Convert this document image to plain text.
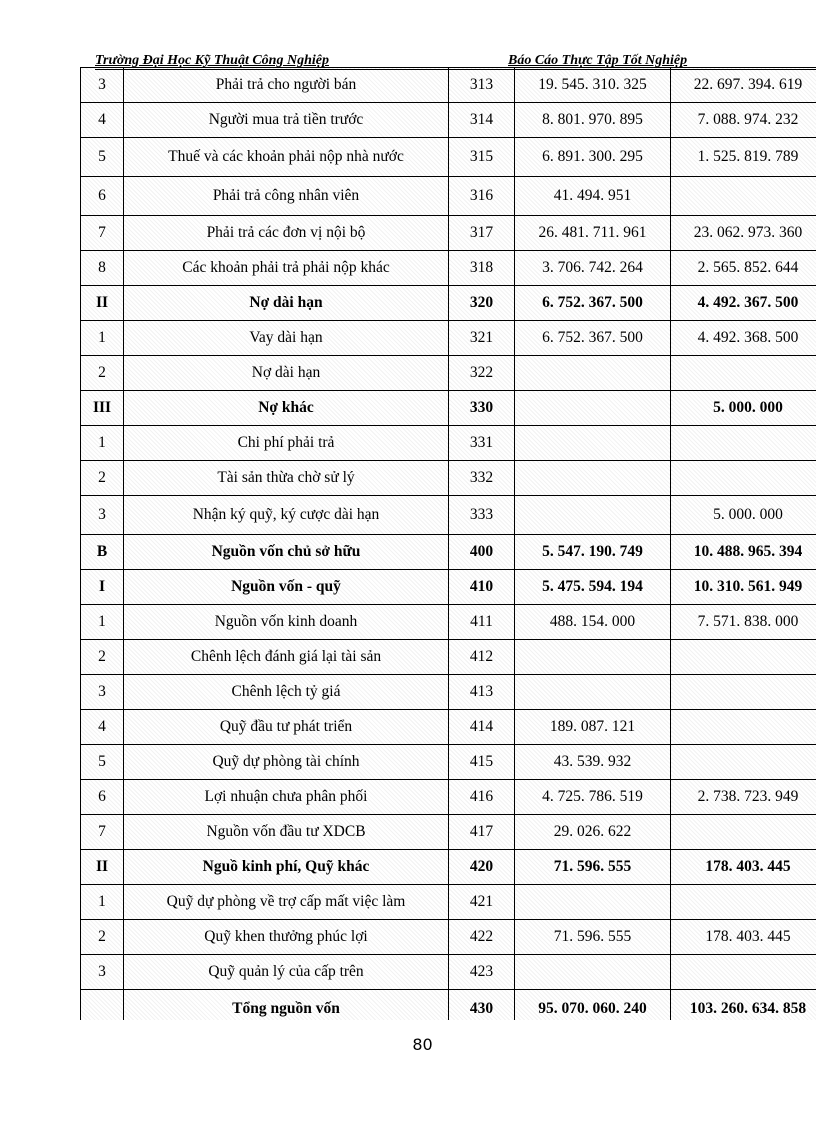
Trường Đại Học Kỹ Thuật Công Nghiệp	Báo Cáo Thực Tập Tốt Nghiệp
3	Phải trả cho người bán	313	19. 545. 310. 325	22. 697. 394. 619
4	Người mua trả tiền trước	314	8. 801. 970. 895	7. 088. 974. 232
5	Thuế và các khoản phải nộp nhà nước	315	6. 891. 300. 295	1. 525. 819. 789
6	Phải trả công nhân viên	316	41. 494. 951	
7	Phải trả các đơn vị nội bộ	317	26. 481. 711. 961	23. 062. 973. 360
8	Các khoản phải trả phải nộp khác	318	3. 706. 742. 264	2. 565. 852. 644
II	Nợ dài hạn	320	6. 752. 367. 500	4. 492. 367. 500
1	Vay dài hạn	321	6. 752. 367. 500	4. 492. 368. 500
2	Nợ dài hạn	322		
III	Nợ khác	330		5. 000. 000
1	Chi phí phải trả	331		
2	Tài sản thừa chờ sử lý	332		
3	Nhận ký quỹ, ký cược dài hạn	333		5. 000. 000
B	Nguồn vốn chủ sở hữu	400	5. 547. 190. 749	10. 488. 965. 394
I	Nguồn vốn - quỹ	410	5. 475. 594. 194	10. 310. 561. 949
1	Nguồn vốn kinh doanh	411	488. 154. 000	7. 571. 838. 000
2	Chênh lệch đánh giá lại tài sản	412		
3	Chênh lệch tỷ giá	413		
4	Quỹ đầu tư phát triển	414	189. 087. 121	
5	Quỹ dự phòng tài chính	415	43. 539. 932	
6	Lợi nhuận chưa phân phối	416	4. 725. 786. 519	2. 738. 723. 949
7	Nguồn vốn đầu tư XDCB	417	29. 026. 622	
II	Nguồ kinh phí, Quỹ khác	420	71. 596. 555	178. 403. 445
1	Quỹ dự phòng về trợ cấp mất việc làm	421		
2	Quỹ khen thưởng phúc lợi	422	71. 596. 555	178. 403. 445
3	Quỹ quản lý của cấp trên	423		
	Tổng nguồn vốn	430	95. 070. 060. 240	103. 260. 634. 858
80
